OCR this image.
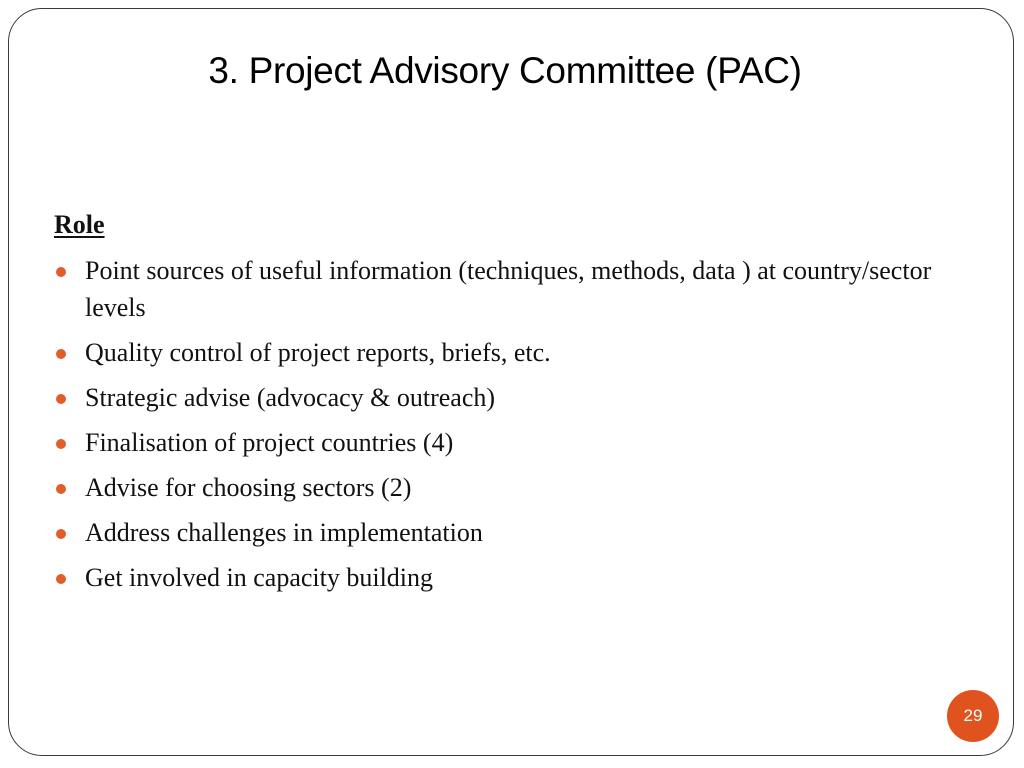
3. Project Advisory Committee (PAC)
Role
Point sources of useful information (techniques, methods, data ) at country/sector levels
Quality control of project reports, briefs, etc.
Strategic advise (advocacy & outreach)
Finalisation of project countries (4)
Advise for choosing sectors (2)
Address challenges in implementation
Get involved in capacity building
29
